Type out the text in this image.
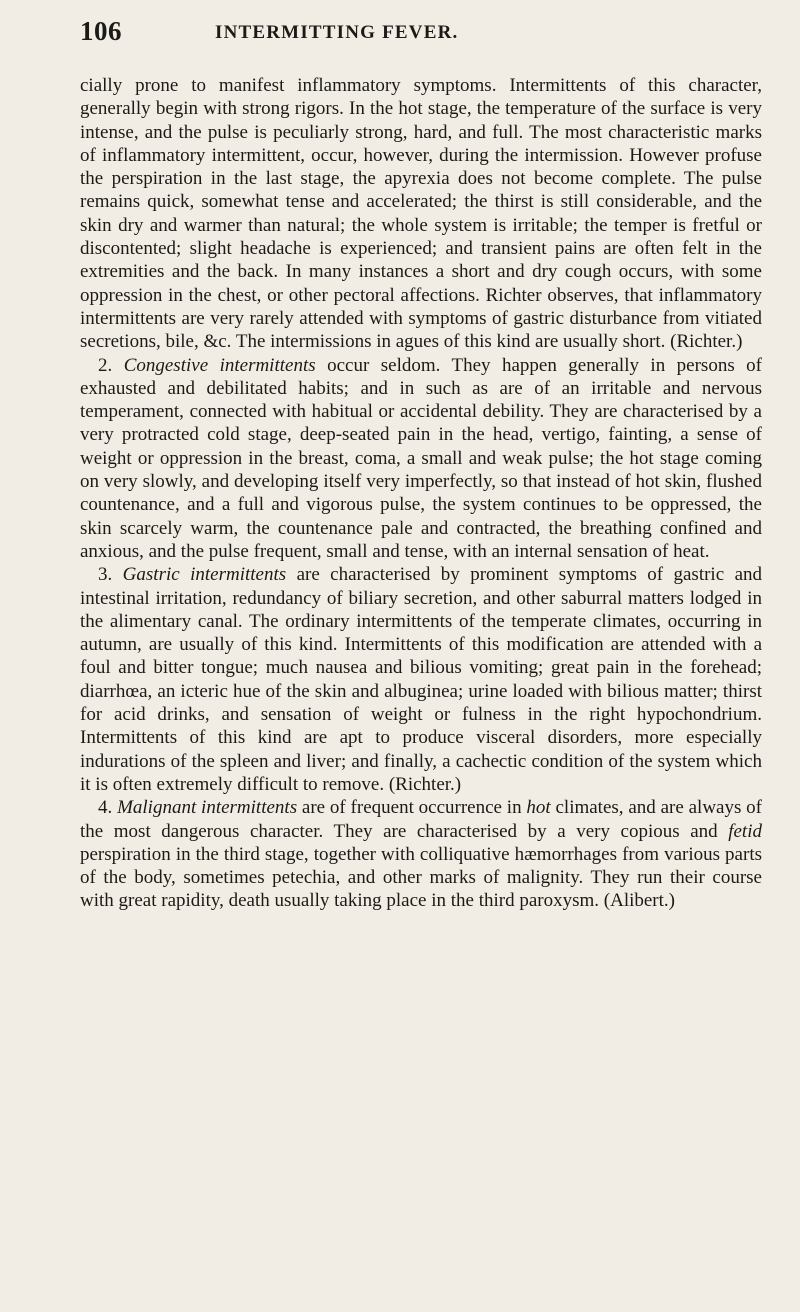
106	INTERMITTING FEVER.

cially prone to manifest inflammatory symptoms. Intermittents of this character, generally begin with strong rigors. In the hot stage, the temperature of the surface is very intense, and the pulse is peculiarly strong, hard, and full. The most characteristic marks of inflammatory intermittent, occur, however, during the intermission. However profuse the perspiration in the last stage, the apyrexia does not become complete. The pulse remains quick, somewhat tense and accelerated; the thirst is still considerable, and the skin dry and warmer than natural; the whole system is irritable; the temper is fretful or discontented; slight headache is experienced; and transient pains are often felt in the extremities and the back. In many instances a short and dry cough occurs, with some oppression in the chest, or other pectoral affections. Richter observes, that inflammatory intermittents are very rarely attended with symptoms of gastric disturbance from vitiated secretions, bile, &c. The intermissions in agues of this kind are usually short. (Richter.)

2. Congestive intermittents occur seldom. They happen generally in persons of exhausted and debilitated habits; and in such as are of an irritable and nervous temperament, connected with habitual or accidental debility. They are characterised by a very protracted cold stage, deep-seated pain in the head, vertigo, fainting, a sense of weight or oppression in the breast, coma, a small and weak pulse; the hot stage coming on very slowly, and developing itself very imperfectly, so that instead of hot skin, flushed countenance, and a full and vigorous pulse, the system continues to be oppressed, the skin scarcely warm, the countenance pale and contracted, the breathing confined and anxious, and the pulse frequent, small and tense, with an internal sensation of heat.

3. Gastric intermittents are characterised by prominent symptoms of gastric and intestinal irritation, redundancy of biliary secretion, and other saburral matters lodged in the alimentary canal. The ordinary intermittents of the temperate climates, occurring in autumn, are usually of this kind. Intermittents of this modification are attended with a foul and bitter tongue; much nausea and bilious vomiting; great pain in the forehead; diarrhœa, an icteric hue of the skin and albuginea; urine loaded with bilious matter; thirst for acid drinks, and sensation of weight or fulness in the right hypochondrium. Intermittents of this kind are apt to produce visceral disorders, more especially indurations of the spleen and liver; and finally, a cachectic condition of the system which it is often extremely difficult to remove. (Richter.)

4. Malignant intermittents are of frequent occurrence in hot climates, and are always of the most dangerous character. They are characterised by a very copious and fetid perspiration in the third stage, together with colliquative hæmorrhages from various parts of the body, sometimes petechia, and other marks of malignity. They run their course with great rapidity, death usually taking place in the third paroxysm. (Alibert.)
